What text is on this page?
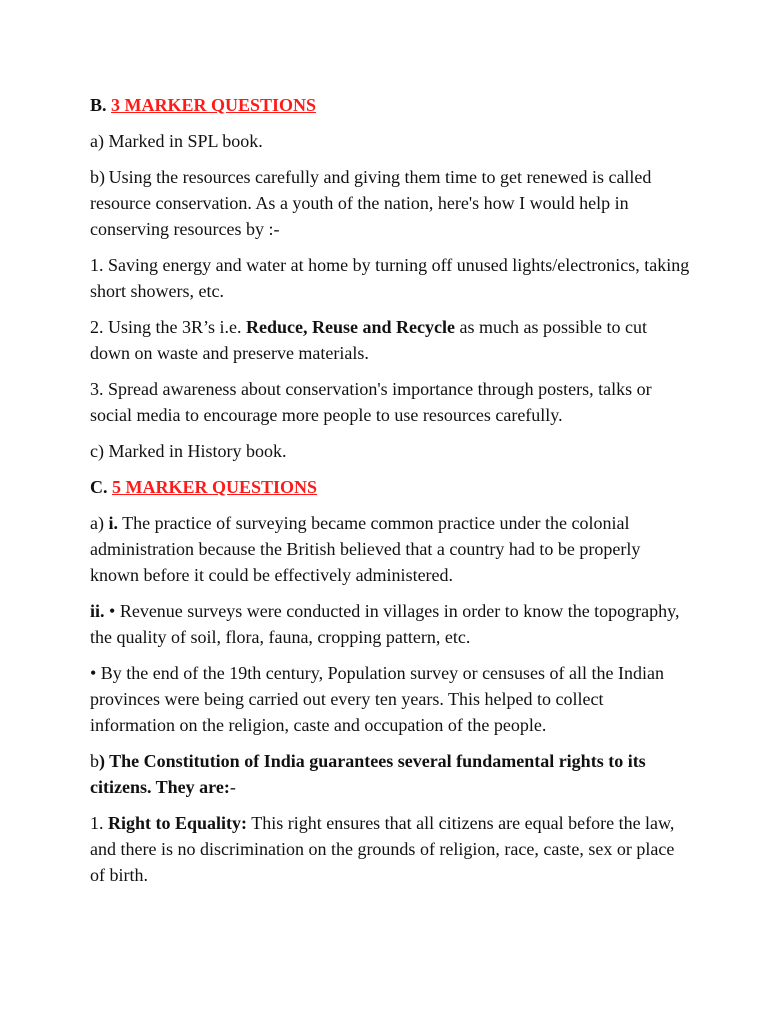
B. 3 MARKER QUESTIONS

a) Marked in SPL book.

b) Using the resources carefully and giving them time to get renewed is called resource conservation. As a youth of the nation, here's how I would help in conserving resources by :-

1. Saving energy and water at home by turning off unused lights/electronics, taking short showers, etc.

2. Using the 3R’s i.e. Reduce, Reuse and Recycle as much as possible to cut down on waste and preserve materials.

3. Spread awareness about conservation's importance through posters, talks or social media to encourage more people to use resources carefully.

c) Marked in History book.

C. 5 MARKER QUESTIONS

a) i. The practice of surveying became common practice under the colonial administration because the British believed that a country had to be properly known before it could be effectively administered.

ii. • Revenue surveys were conducted in villages in order to know the topography, the quality of soil, flora, fauna, cropping pattern, etc.

• By the end of the 19th century, Population survey or censuses of all the Indian provinces were being carried out every ten years. This helped to collect information on the religion, caste and occupation of the people.

b) The Constitution of India guarantees several fundamental rights to its citizens. They are:-

1. Right to Equality: This right ensures that all citizens are equal before the law, and there is no discrimination on the grounds of religion, race, caste, sex or place of birth.
